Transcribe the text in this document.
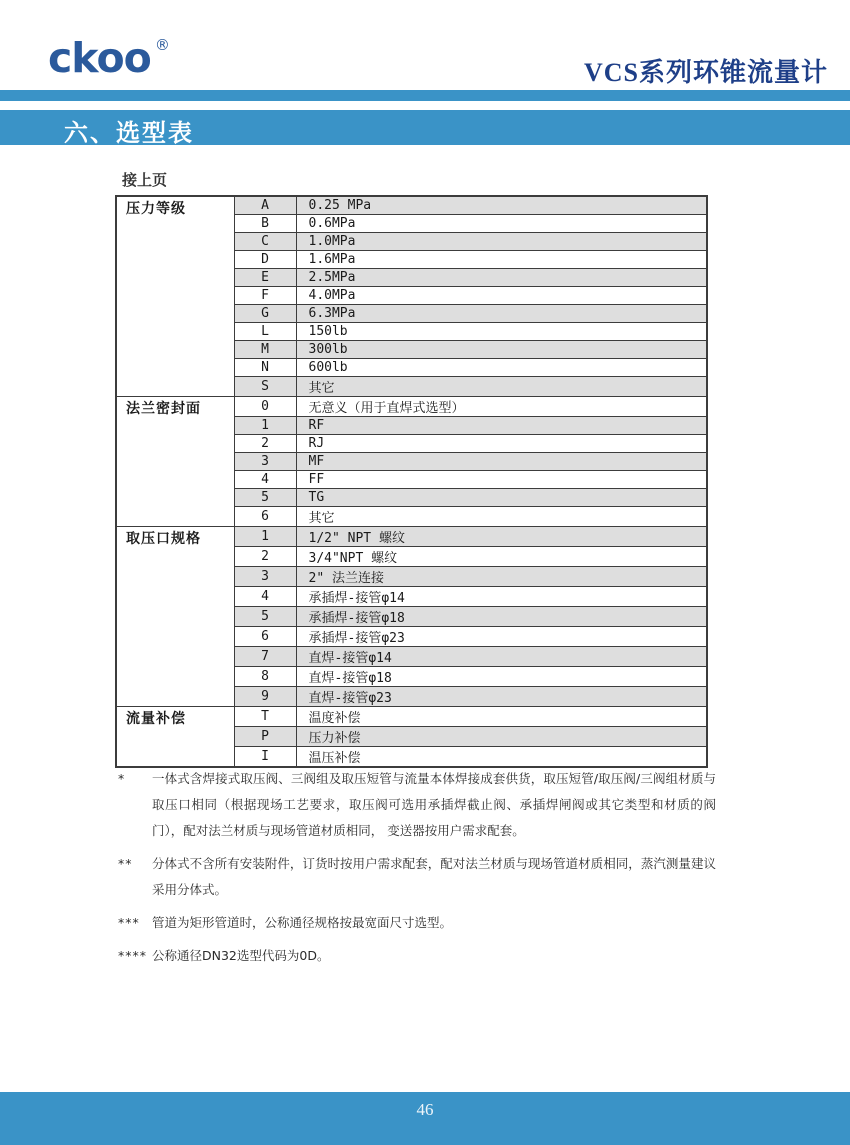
ckoo ®
VCS系列环锥流量计
六、选型表
接上页
压力等级	A	0.25 MPa
	B	0.6MPa
	C	1.0MPa
	D	1.6MPa
	E	2.5MPa
	F	4.0MPa
	G	6.3MPa
	L	150lb
	M	300lb
	N	600lb
	S	其它
法兰密封面	0	无意义（用于直焊式选型）
	1	RF
	2	RJ
	3	MF
	4	FF
	5	TG
	6	其它
取压口规格	1	1/2" NPT 螺纹
	2	3/4"NPT 螺纹
	3	2" 法兰连接
	4	承插焊-接管φ14
	5	承插焊-接管φ18
	6	承插焊-接管φ23
	7	直焊-接管φ14
	8	直焊-接管φ18
	9	直焊-接管φ23
流量补偿	T	温度补偿
	P	压力补偿
	I	温压补偿
*	一体式含焊接式取压阀、三阀组及取压短管与流量本体焊接成套供货，取压短管/取压阀/三阀组材质与取压口相同（根据现场工艺要求，取压阀可选用承插焊截止阀、承插焊闸阀或其它类型和材质的阀门），配对法兰材质与现场管道材质相同， 变送器按用户需求配套。
**	分体式不含所有安装附件，订货时按用户需求配套，配对法兰材质与现场管道材质相同，蒸汽测量建议采用分体式。
*** 管道为矩形管道时，公称通径规格按最宽面尺寸选型。
**** 公称通径DN32选型代码为0D。
46
